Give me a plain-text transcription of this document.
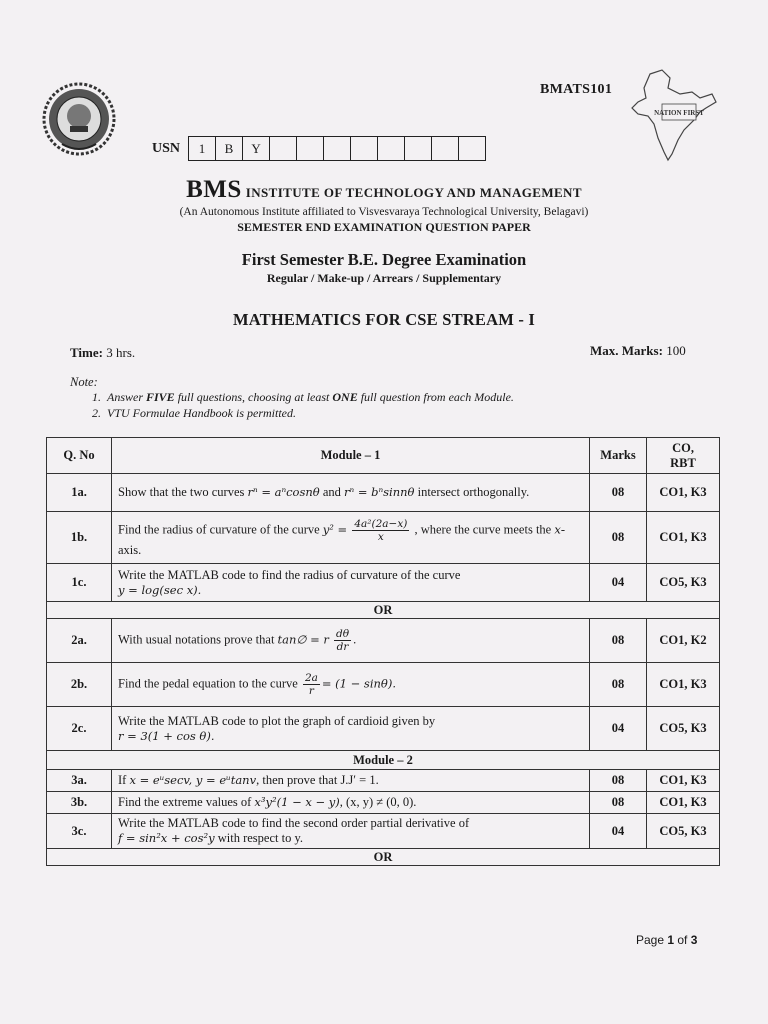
NATION FIRST
BMATS101
USN	1	B	Y
BMS INSTITUTE OF TECHNOLOGY AND MANAGEMENT
(An Autonomous Institute affiliated to Visvesvaraya Technological University, Belagavi)
SEMESTER END EXAMINATION QUESTION PAPER
First Semester B.E. Degree Examination
Regular / Make-up / Arrears / Supplementary
MATHEMATICS FOR CSE STREAM - I
Time: 3 hrs.	Max. Marks: 100
Note:
1. Answer FIVE full questions, choosing at least ONE full question from each Module.
2. VTU Formulae Handbook is permitted.
Q. No	Module – 1	Marks	CO,
RBT
1a.	Show that the two curves rⁿ = aⁿcosnθ and rⁿ = bⁿsinnθ intersect orthogonally.	08	CO1, K3
1b.	Find the radius of curvature of the curve $y^2 = \frac{\text{4a²(2a−x)}}{x}$ , where the curve meets the x- axis.	08	CO1, K3
1c.	Write the MATLAB code to find the radius of curvature of the curve
y = log(sec x).	04	CO5, K3
OR			
2a.	With usual notations prove that tan∅ = r $\frac{d\theta}{dr}$ .	08	CO1, K2
2b.	Find the pedal equation to the curve $\frac{2a}{r} = (1 - \sin\theta)$.	08	CO1, K3
2c.	Write the MATLAB code to plot the graph of cardioid given by
r = 3(1 + cos θ).	04	CO5, K3
Module – 2			
3a.	If x = eᵘsecv, y = eᵘtanv, then prove that J.J′ = 1.	08	CO1, K3
3b.	Find the extreme values of x³y²(1 − x − y), (x, y) ≠ (0, 0).	08	CO1, K3
3c.	Write the MATLAB code to find the second order partial derivative of
f = sin²x + cos²y with respect to y.	04	CO5, K3
OR			
Page 1 of 3
